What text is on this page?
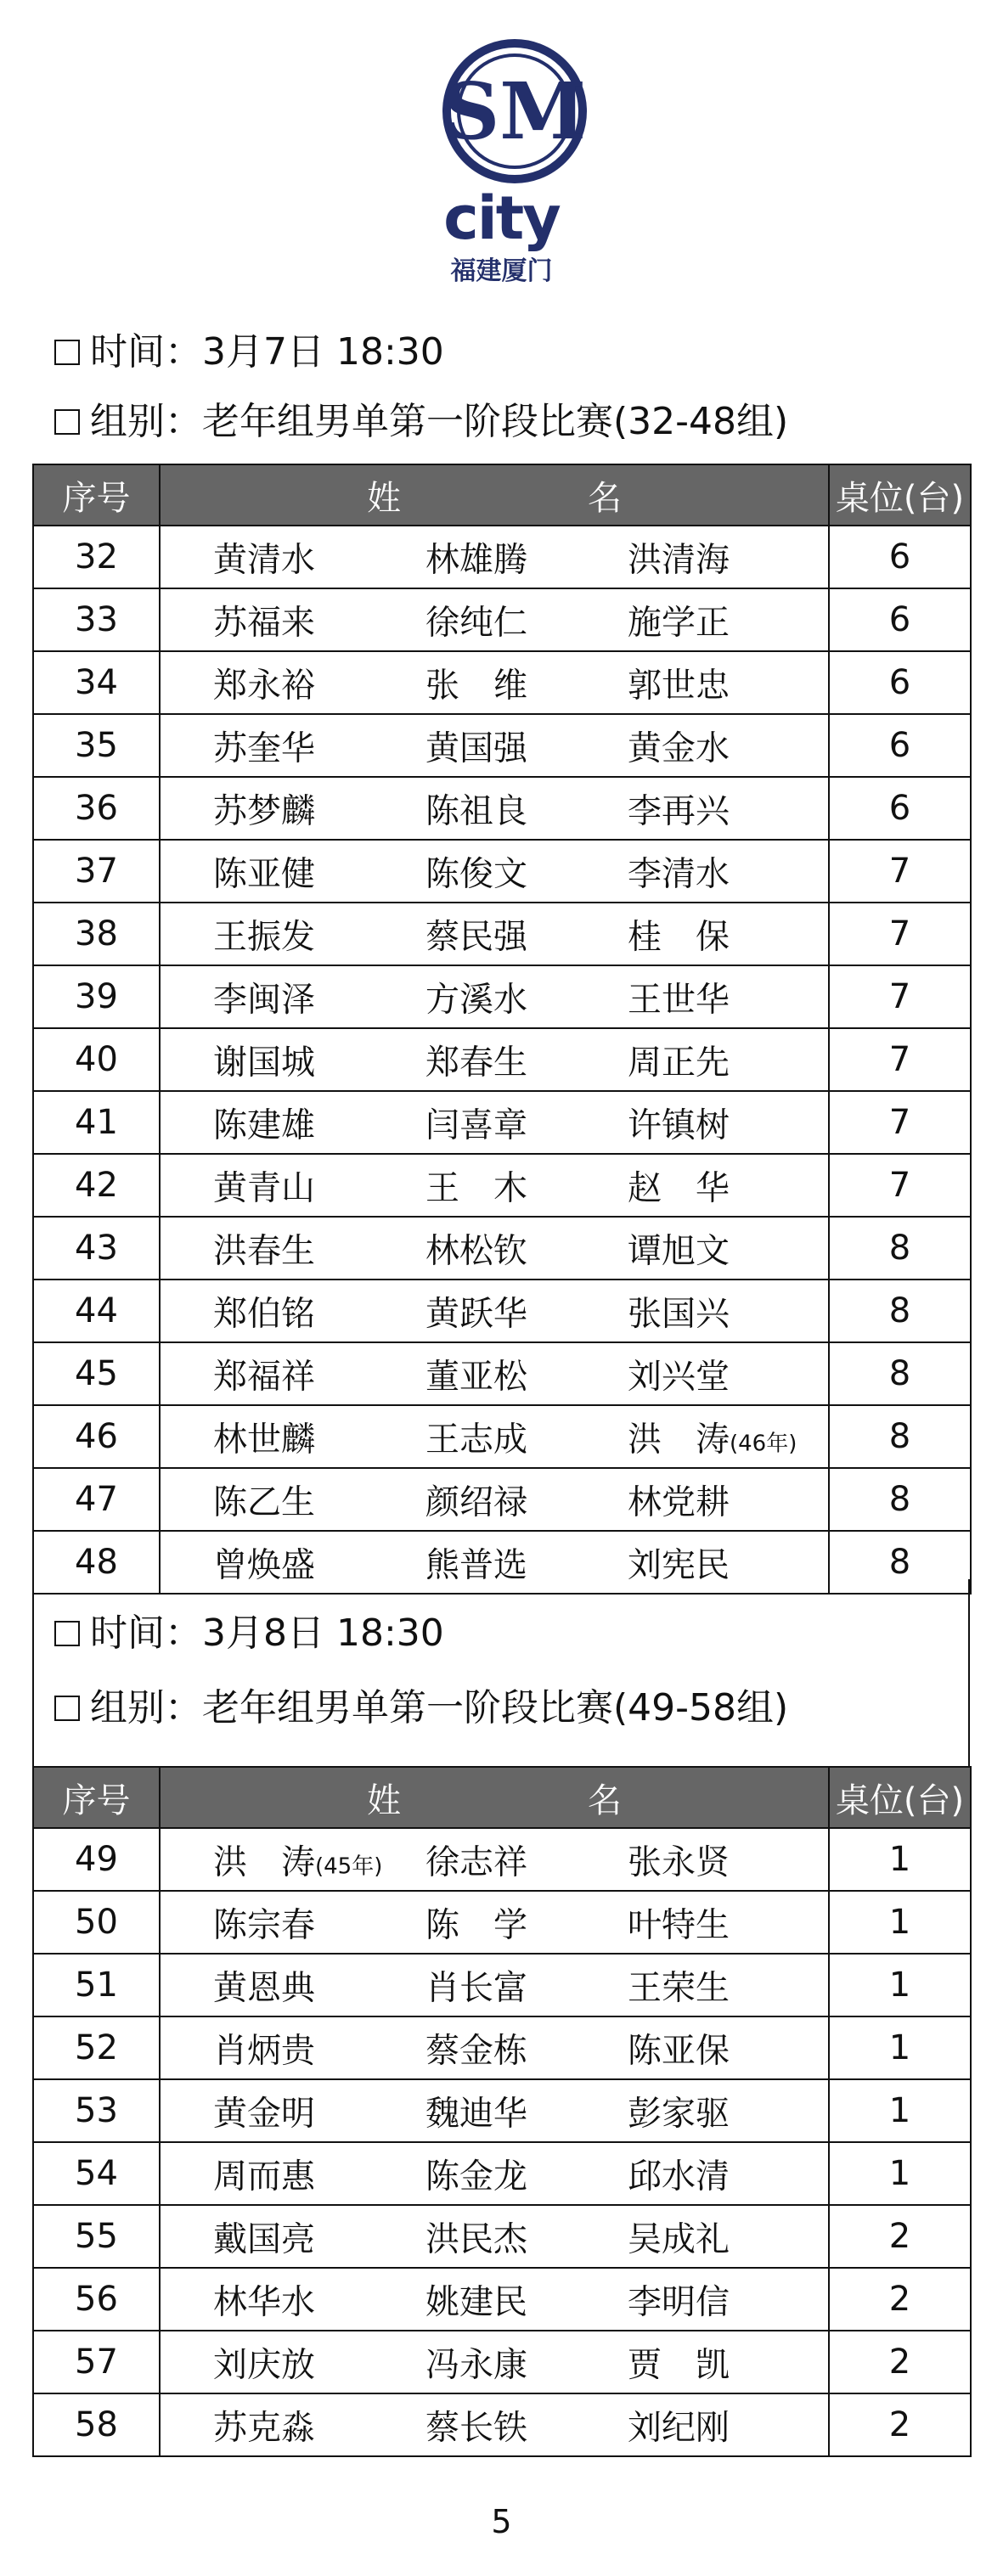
SM
city
福建厦门
时间：3月7日 18:30
组别：老年组男单第一阶段比赛(32-48组)
序号	姓 名	桌位(台)
32	黄清水 林雄腾 洪清海	6
33	苏福来 徐纯仁 施学正	6
34	郑永裕 张　维 郭世忠	6
35	苏奎华 黄国强 黄金水	6
36	苏梦麟 陈祖良 李再兴	6
37	陈亚健 陈俊文 李清水	7
38	王振发 蔡民强 桂　保	7
39	李闽泽 方溪水 王世华	7
40	谢国城 郑春生 周正先	7
41	陈建雄 闫喜章 许镇树	7
42	黄青山 王　木 赵　华	7
43	洪春生 林松钦 谭旭文	8
44	郑伯铭 黄跃华 张国兴	8
45	郑福祥 董亚松 刘兴堂	8
46	林世麟 王志成 洪　涛(46年)	8
47	陈乙生 颜绍禄 林党耕	8
48	曾焕盛 熊普选 刘宪民	8
时间：3月8日 18:30
组别：老年组男单第一阶段比赛(49-58组)
序号	姓 名	桌位(台)
49	洪　涛(45年) 徐志祥 张永贤	1
50	陈宗春 陈　学 叶特生	1
51	黄恩典 肖长富 王荣生	1
52	肖炳贵 蔡金栋 陈亚保	1
53	黄金明 魏迪华 彭家驱	1
54	周而惠 陈金龙 邱水清	1
55	戴国亮 洪民杰 吴成礼	2
56	林华水 姚建民 李明信	2
57	刘庆放 冯永康 贾　凯	2
58	苏克淼 蔡长铁 刘纪刚	2
5
